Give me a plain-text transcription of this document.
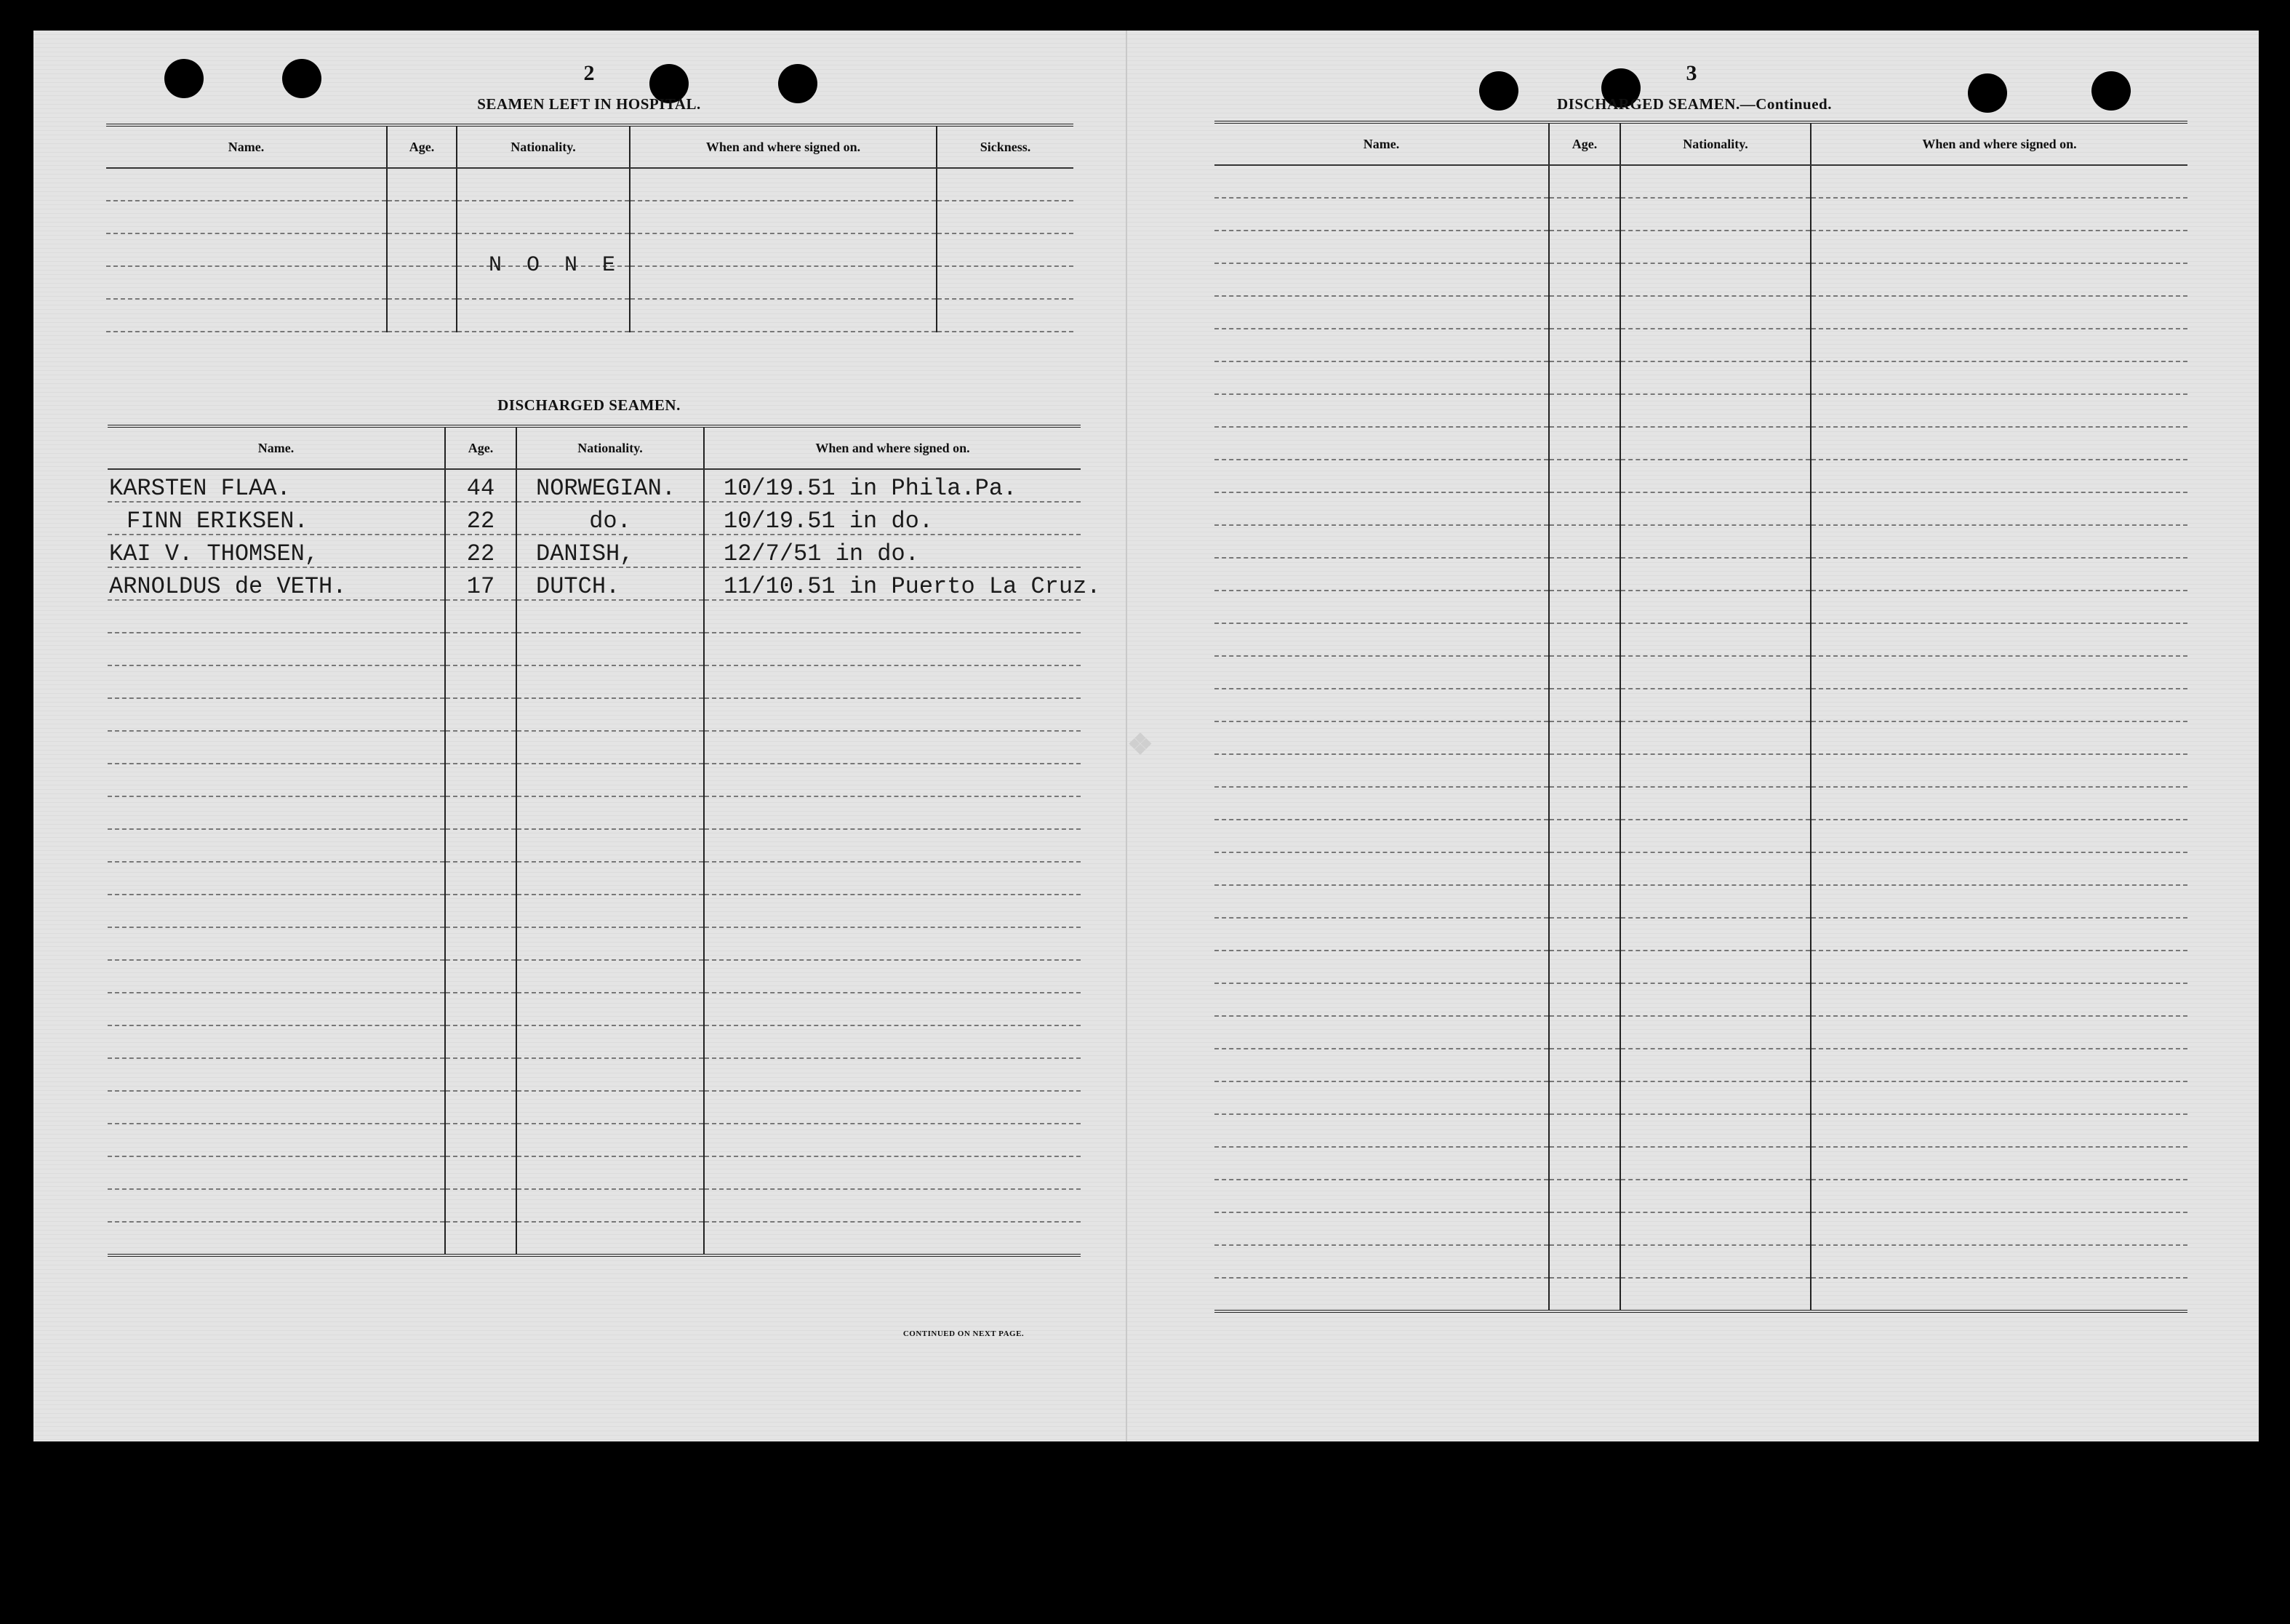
❖
2
SEAMEN LEFT IN HOSPITAL.
Name.	Age.	Nationality.	When and where signed on.	Sickness.

NONE
DISCHARGED SEAMEN.
Name.	Age.	Nationality.	When and where signed on.
KARSTEN FLAA.	44	NORWEGIAN.	10/19.51 in Phila.Pa.
FINN ERIKSEN.	22	do.	10/19.51 in do.
KAI V. THOMSEN,	22	DANISH,	12/7/51 in do.
ARNOLDUS de VETH.	17	DUTCH.	11/10.51 in Puerto La Cruz.

CONTINUED ON NEXT PAGE.
3
DISCHARGED SEAMEN.—Continued.
Name.	Age.	Nationality.	When and where signed on.
